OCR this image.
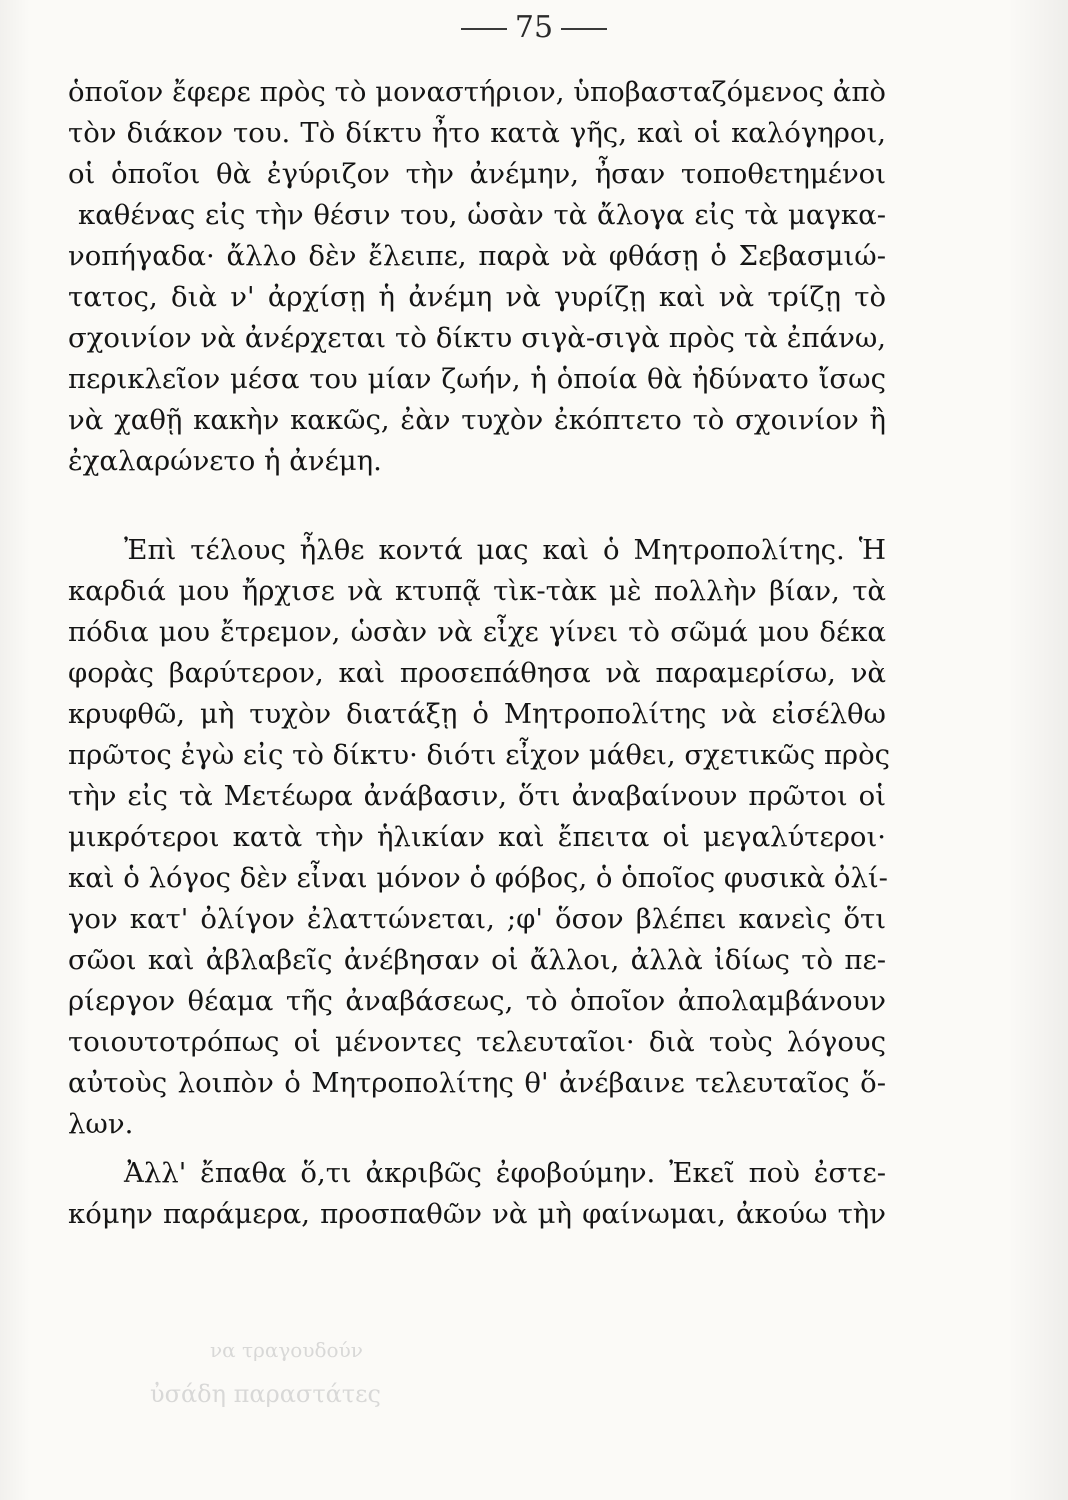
75
ὁποῖον ἔφερε πρὸς τὸ μοναστήριον, ὑποβασταζόμενος ἀπὸ
τὸν διάκον του. Τὸ δίκτυ ἦτο κατὰ γῆς, καὶ οἱ καλόγηροι,
οἱ ὁποῖοι θὰ ἐγύριζον τὴν ἀνέμην, ἦσαν τοποθετημένοι
καθένας εἰς τὴν θέσιν του, ὡσὰν τὰ ἄλογα εἰς τὰ μαγκα-
νοπήγαδα· ἄλλο δὲν ἔλειπε, παρὰ νὰ φθάσῃ ὁ Σεβασμιώ-
τατος, διὰ ν' ἀρχίσῃ ἡ ἀνέμη νὰ γυρίζῃ καὶ νὰ τρίζῃ τὸ
σχοινίον νὰ ἀνέρχεται τὸ δίκτυ σιγὰ-σιγὰ πρὸς τὰ ἐπάνω,
περικλεῖον μέσα του μίαν ζωήν, ἡ ὁποία θὰ ἠδύνατο ἴσως
νὰ χαθῇ κακὴν κακῶς, ἐὰν τυχὸν ἐκόπτετο τὸ σχοινίον ἢ
ἐχαλαρώνετο ἡ ἀνέμη.
Ἐπὶ τέλους ἦλθε κοντά μας καὶ ὁ Μητροπολίτης. Ἡ
καρδιά μου ἤρχισε νὰ κτυπᾷ τὶκ-τὰκ μὲ πολλὴν βίαν, τὰ
πόδια μου ἔτρεμον, ὡσὰν νὰ εἶχε γίνει τὸ σῶμά μου δέκα
φορὰς βαρύτερον, καὶ προσεπάθησα νὰ παραμερίσω, νὰ
κρυφθῶ, μὴ τυχὸν διατάξῃ ὁ Μητροπολίτης νὰ εἰσέλθω
πρῶτος ἐγὼ εἰς τὸ δίκτυ· διότι εἶχον μάθει, σχετικῶς πρὸς
τὴν εἰς τὰ Μετέωρα ἀνάβασιν, ὅτι ἀναβαίνουν πρῶτοι οἱ
μικρότεροι κατὰ τὴν ἡλικίαν καὶ ἔπειτα οἱ μεγαλύτεροι·
καὶ ὁ λόγος δὲν εἶναι μόνον ὁ φόβος, ὁ ὁποῖος φυσικὰ ὀλί-
γον κατ' ὀλίγον ἐλαττώνεται, ;φ' ὅσον βλέπει κανεὶς ὅτι
σῶοι καὶ ἀβλαβεῖς ἀνέβησαν οἱ ἄλλοι, ἀλλὰ ἰδίως τὸ πε-
ρίεργον θέαμα τῆς ἀναβάσεως, τὸ ὁποῖον ἀπολαμβάνουν
τοιουτοτρόπως οἱ μένοντες τελευταῖοι· διὰ τοὺς λόγους
αὐτοὺς λοιπὸν ὁ Μητροπολίτης θ' ἀνέβαινε τελευταῖος ὅ-
λων.
Ἀλλ' ἔπαθα ὅ,τι ἀκριβῶς ἐφοβούμην. Ἐκεῖ ποὺ ἐστε-
κόμην παράμερα, προσπαθῶν νὰ μὴ φαίνωμαι, ἀκούω τὴν
να τραγουδούν
ὐσάδη παραστάτες
